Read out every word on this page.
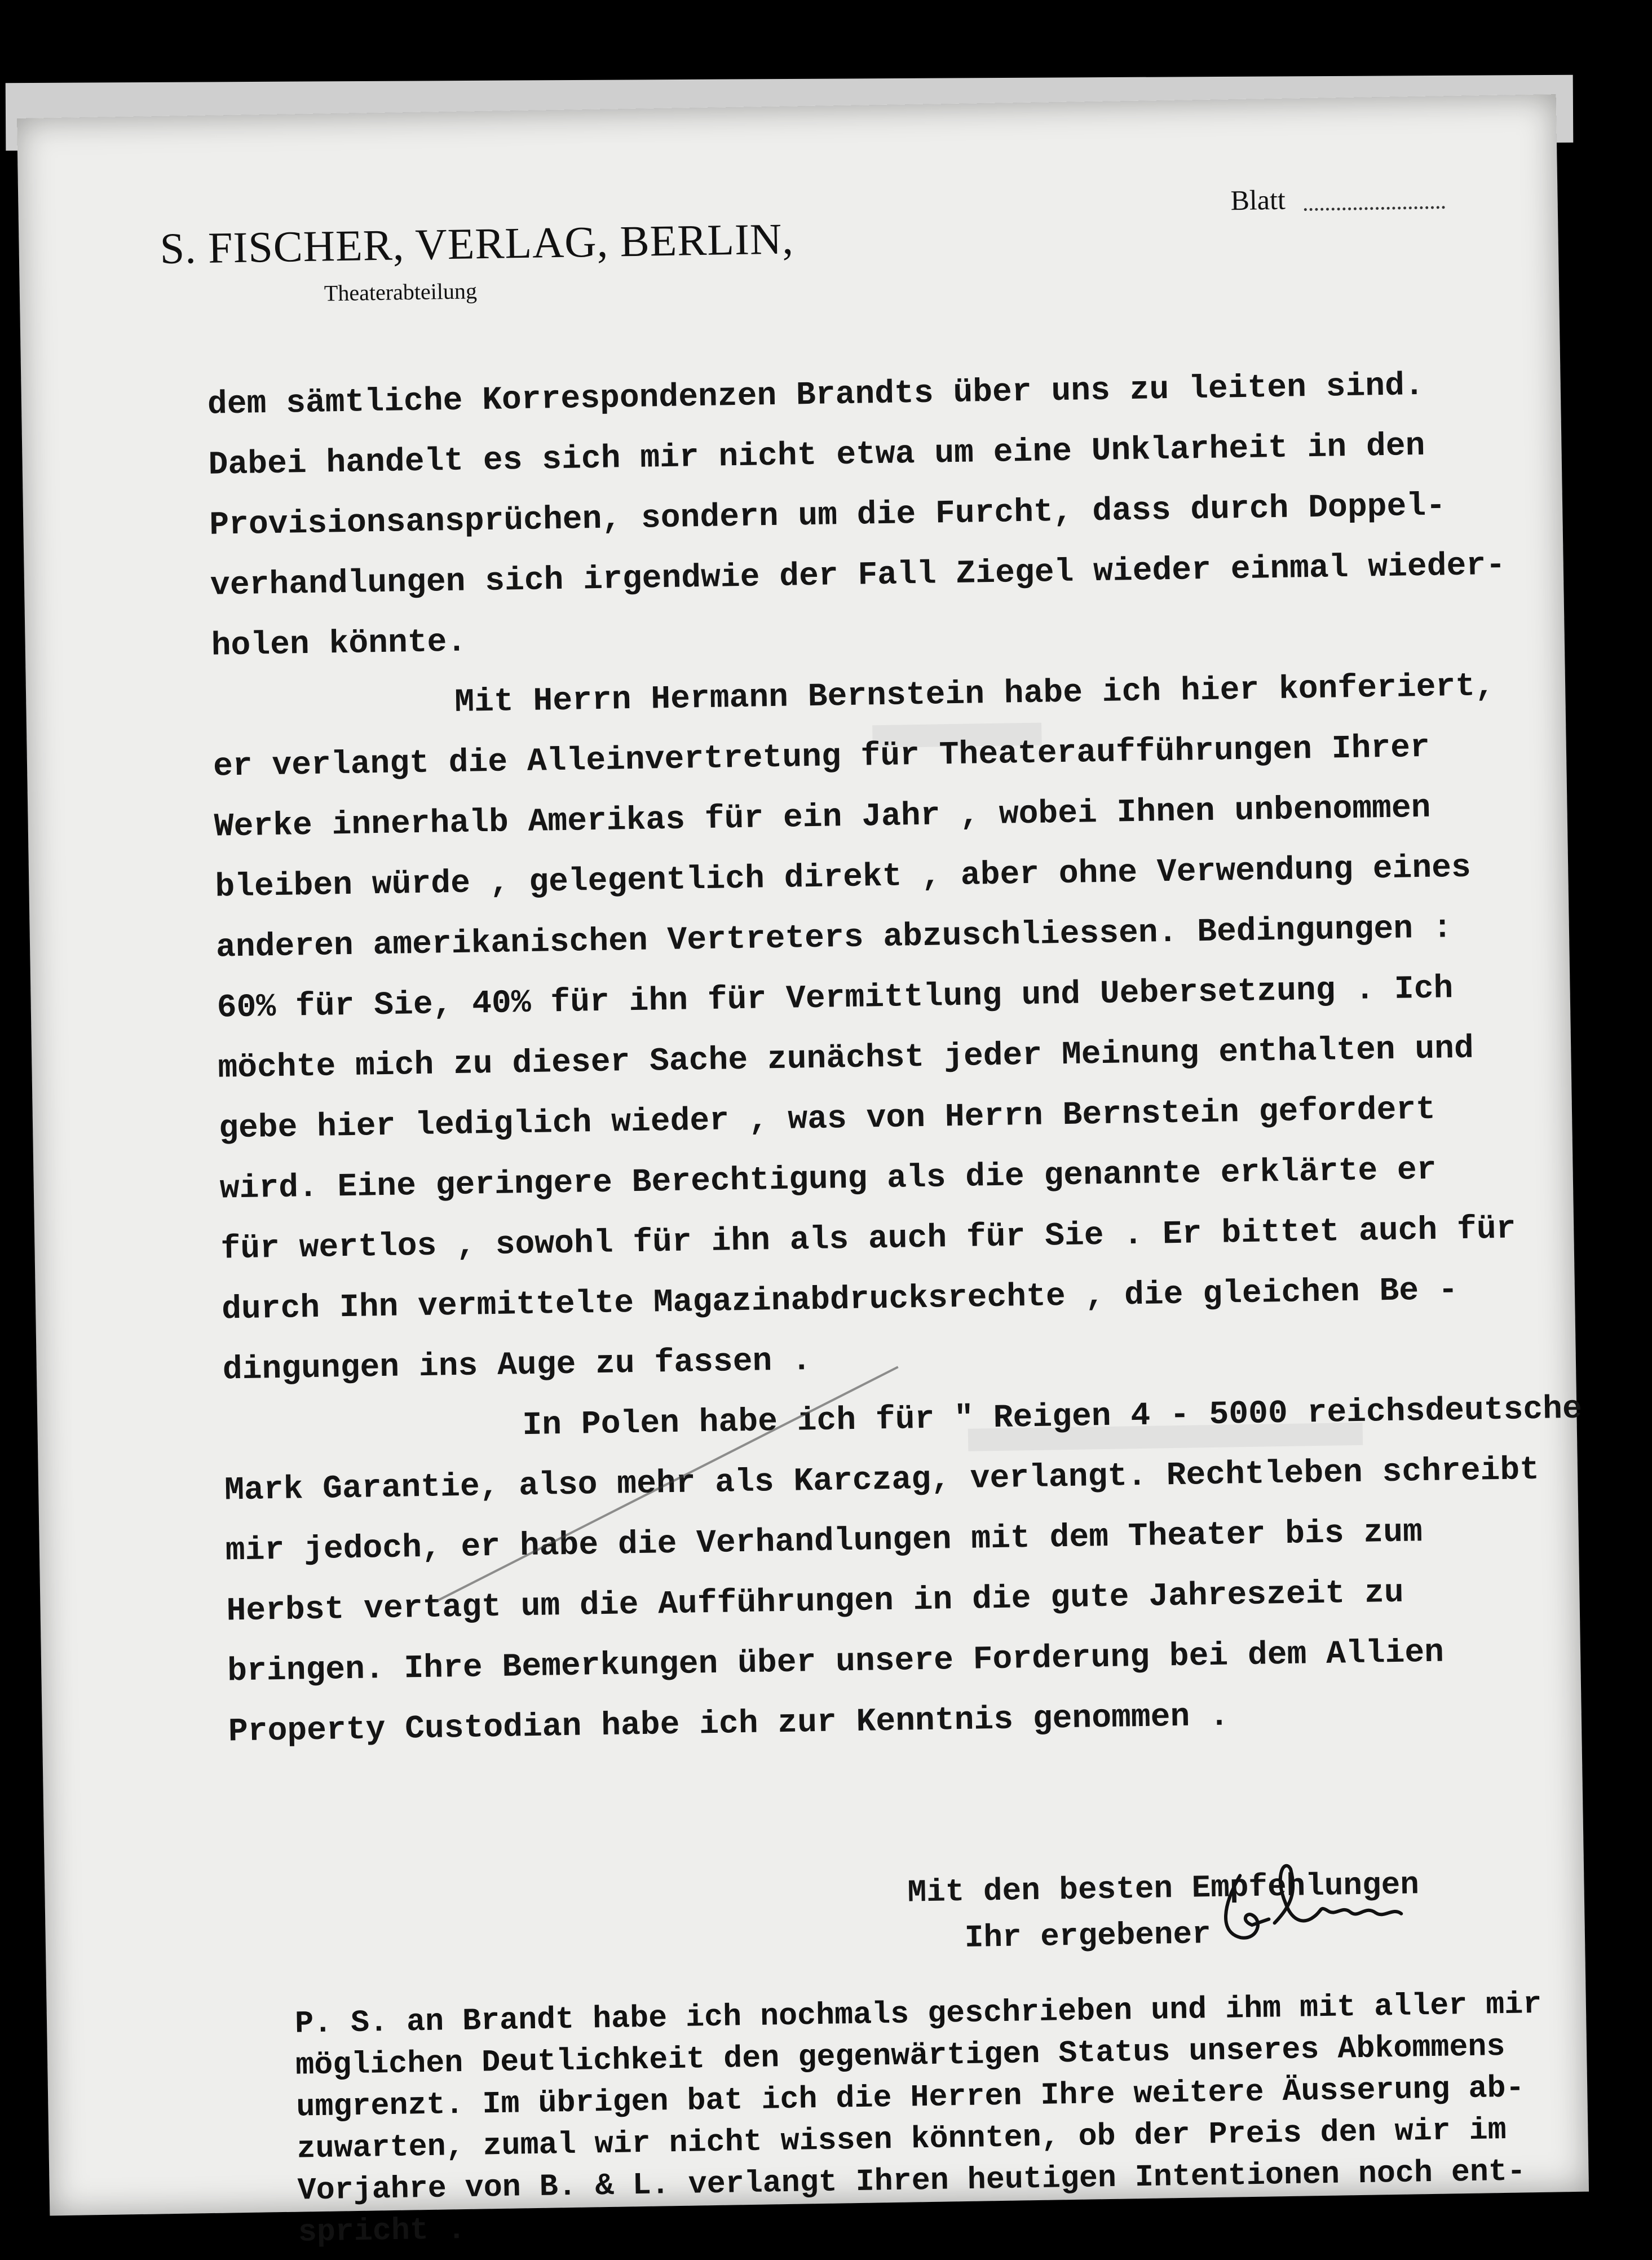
S. FISCHER, VERLAG, BERLIN,
Theaterabteilung
Blatt
dem sämtliche Korrespondenzen Brandts über uns zu leiten sind.
Dabei handelt es sich mir nicht etwa um eine Unklarheit in den
Provisionsansprüchen, sondern um die Furcht, dass durch Doppel-
verhandlungen sich irgendwie der Fall Ziegel wieder einmal wieder-
holen könnte.
Mit Herrn Hermann Bernstein habe ich hier konferiert,
er verlangt die Alleinvertretung für Theateraufführungen Ihrer
Werke innerhalb Amerikas für ein Jahr , wobei Ihnen unbenommen
bleiben würde , gelegentlich direkt , aber ohne Verwendung eines
anderen amerikanischen Vertreters abzuschliessen. Bedingungen :
60% für Sie, 40% für ihn für Vermittlung und Uebersetzung . Ich
möchte mich zu dieser Sache zunächst jeder Meinung enthalten und
gebe hier lediglich wieder , was von Herrn Bernstein gefordert
wird. Eine geringere Berechtigung als die genannte erklärte er
für wertlos , sowohl für ihn als auch für Sie . Er bittet auch für
durch Ihn vermittelte Magazinabdrucksrechte , die gleichen Be -
dingungen ins Auge zu fassen .
In Polen habe ich für " Reigen 4 - 5000 reichsdeutsche
Mark Garantie, also mehr als Karczag, verlangt. Rechtleben schreibt
mir jedoch, er habe die Verhandlungen mit dem Theater bis zum
Herbst vertagt um die Aufführungen in die gute Jahreszeit zu
bringen. Ihre Bemerkungen über unsere Forderung bei dem Allien
Property Custodian habe ich zur Kenntnis genommen .
Mit den besten Empfehlungen
Ihr ergebener
P. S. an Brandt habe ich nochmals geschrieben und ihm mit aller mir
möglichen Deutlichkeit den gegenwärtigen Status unseres Abkommens
umgrenzt. Im übrigen bat ich die Herren Ihre weitere Äusserung ab-
zuwarten, zumal wir nicht wissen könnten, ob der Preis den wir im
Vorjahre von B. & L. verlangt Ihren heutigen Intentionen noch ent-
spricht .
